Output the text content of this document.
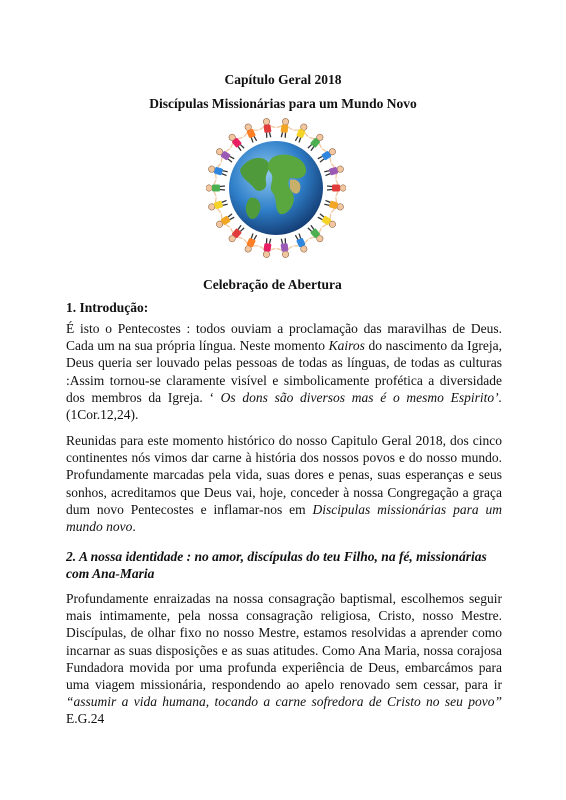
Capítulo Geral 2018
Discípulas Missionárias para um Mundo Novo
Celebração de Abertura
1. Introdução:

É isto o Pentecostes : todos ouviam a proclamação das maravilhas de Deus. Cada um na sua própria língua. Neste momento Kairos do nascimento da Igreja, Deus queria ser louvado pelas pessoas de todas as línguas, de todas as culturas :Assim tornou-se claramente visível e simbolicamente profética a diversidade dos membros da Igreja. ‘ Os dons são diversos mas é o mesmo Espirito’. (1Cor.12,24).

Reunidas para este momento histórico do nosso Capitulo Geral 2018, dos cinco continentes nós vimos dar carne à história dos nossos povos e do nosso mundo. Profundamente marcadas pela vida, suas dores e penas, suas esperanças e seus sonhos, acreditamos que Deus vai, hoje, conceder à nossa Congregação a graça dum novo Pentecostes e inflamar-nos em Discipulas missionárias para um mundo novo.

2. A nossa identidade : no amor, discípulas do teu Filho, na fé, missionárias com Ana-Maria

Profundamente enraizadas na nossa consagração baptismal, escolhemos seguir mais intimamente, pela nossa consagração religiosa, Cristo, nosso Mestre. Discípulas, de olhar fixo no nosso Mestre, estamos resolvidas a aprender como incarnar as suas disposições e as suas atitudes. Como Ana Maria, nossa corajosa Fundadora movida por uma profunda experiência de Deus, embarcámos para uma viagem missionária, respondendo ao apelo renovado sem cessar, para ir “assumir a vida humana, tocando a carne sofredora de Cristo no seu povo” E.G.24
